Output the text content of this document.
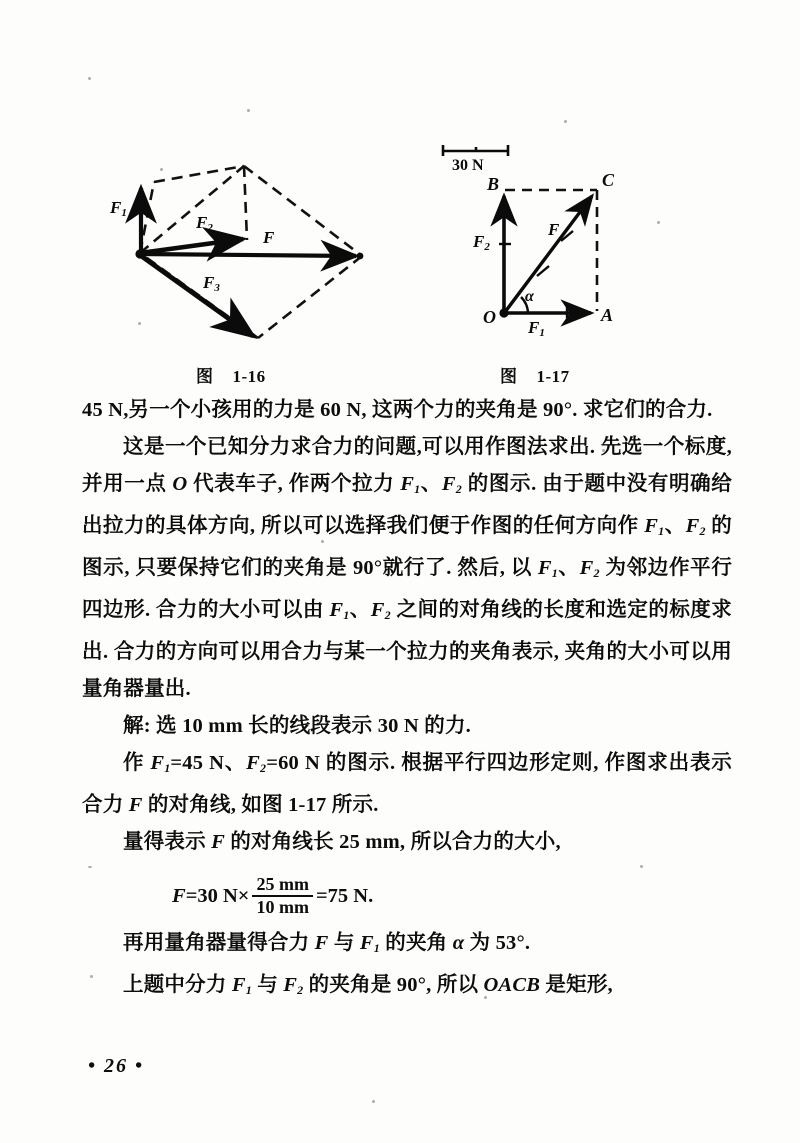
$F_1$	$F_2$
$F_3$
F
图    1-16
30 N
B	C
O	A
$F_2$
$F_1$
F
α
图    1-17

45 N,另一个小孩用的力是 60 N, 这两个力的夹角是 90°. 求它们的合力.

这是一个已知分力求合力的问题,可以用作图法求出. 先选一个标度,并用一点 O 代表车子, 作两个拉力 $F_1$、$F_2$ 的图示. 由于题中没有明确给出拉力的具体方向, 所以可以选择我们便于作图的任何方向作 $F_1$、$F_2$ 的图示, 只要保持它们的夹角是 90°就行了. 然后, 以 $F_1$、$F_2$ 为邻边作平行四边形. 合力的大小可以由 $F_1$、$F_2$ 之间的对角线的长度和选定的标度求出. 合力的方向可以用合力与某一个拉力的夹角表示, 夹角的大小可以用量角器量出.

解: 选 10 mm 长的线段表示 30 N 的力.

作 $F_1=45$ N、$F_2=60$ N 的图示. 根据平行四边形定则, 作图求出表示合力 F 的对角线, 如图 1-17 所示.

量得表示 F 的对角线长 25 mm, 所以合力的大小,

F =30 $N\times \frac{25 mm}{10 mm} =75$ N.

再用量角器量得合力 F 与 $F_1$ 的夹角 α 为 53°.

上题中分力 $F_1$ 与 $F_2$ 的夹角是 90°, 所以 OACB 是矩形,

• 26 •
